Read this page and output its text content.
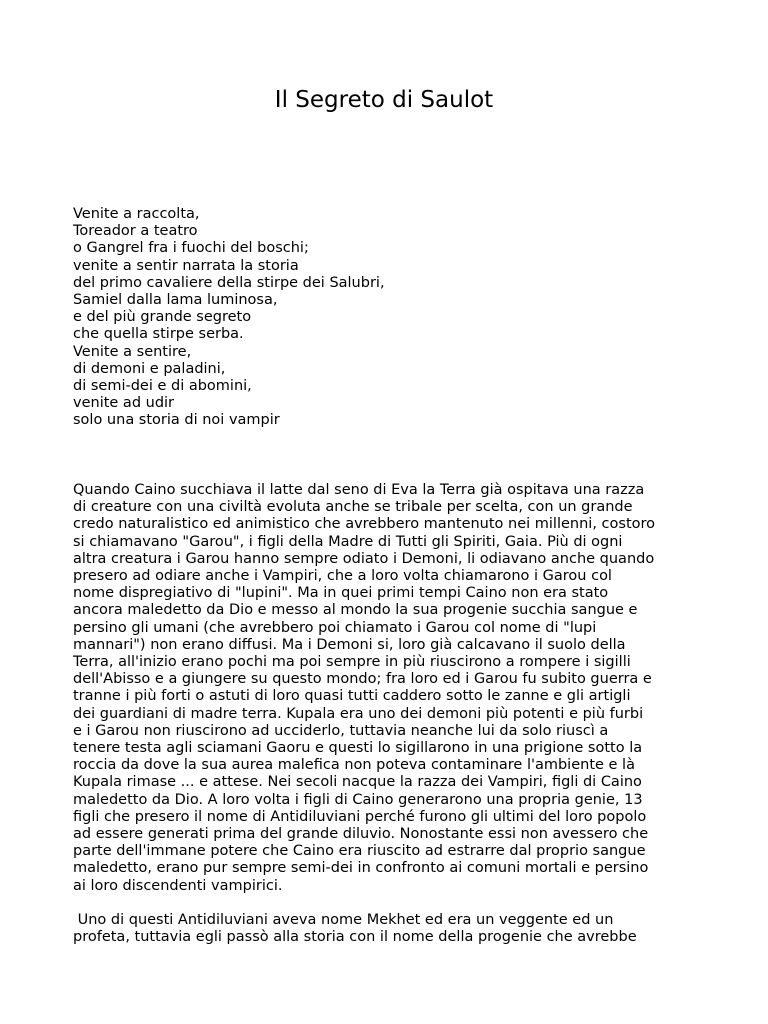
Il Segreto di Saulot
Venite a raccolta,
Toreador a teatro
o Gangrel fra i fuochi del boschi;
venite a sentir narrata la storia
del primo cavaliere della stirpe dei Salubri,
Samiel dalla lama luminosa,
e del più grande segreto
che quella stirpe serba.
Venite a sentire,
di demoni e paladini,
di semi-dei e di abomini,
venite ad udir
solo una storia di noi vampir
Quando Caino succhiava il latte dal seno di Eva la Terra già ospitava una razza
di creature con una civiltà evoluta anche se tribale per scelta, con un grande
credo naturalistico ed animistico che avrebbero mantenuto nei millenni, costoro
si chiamavano "Garou", i figli della Madre di Tutti gli Spiriti, Gaia. Più di ogni
altra creatura i Garou hanno sempre odiato i Demoni, li odiavano anche quando
presero ad odiare anche i Vampiri, che a loro volta chiamarono i Garou col
nome dispregiativo di "lupini". Ma in quei primi tempi Caino non era stato
ancora maledetto da Dio e messo al mondo la sua progenie succhia sangue e
persino gli umani (che avrebbero poi chiamato i Garou col nome di "lupi
mannari") non erano diffusi. Ma i Demoni si, loro già calcavano il suolo della
Terra, all'inizio erano pochi ma poi sempre in più riuscirono a rompere i sigilli
dell'Abisso e a giungere su questo mondo; fra loro ed i Garou fu subito guerra e
tranne i più forti o astuti di loro quasi tutti caddero sotto le zanne e gli artigli
dei guardiani di madre terra. Kupala era uno dei demoni più potenti e più furbi
e i Garou non riuscirono ad ucciderlo, tuttavia neanche lui da solo riuscì a
tenere testa agli sciamani Gaoru e questi lo sigillarono in una prigione sotto la
roccia da dove la sua aurea malefica non poteva contaminare l'ambiente e là
Kupala rimase ... e attese. Nei secoli nacque la razza dei Vampiri, figli di Caino
maledetto da Dio. A loro volta i figli di Caino generarono una propria genie, 13
figli che presero il nome di Antidiluviani perché furono gli ultimi del loro popolo
ad essere generati prima del grande diluvio. Nonostante essi non avessero che
parte dell'immane potere che Caino era riuscito ad estrarre dal proprio sangue
maledetto, erano pur sempre semi-dei in confronto ai comuni mortali e persino
ai loro discendenti vampirici.
Uno di questi Antidiluviani aveva nome Mekhet ed era un veggente ed un
profeta, tuttavia egli passò alla storia con il nome della progenie che avrebbe
